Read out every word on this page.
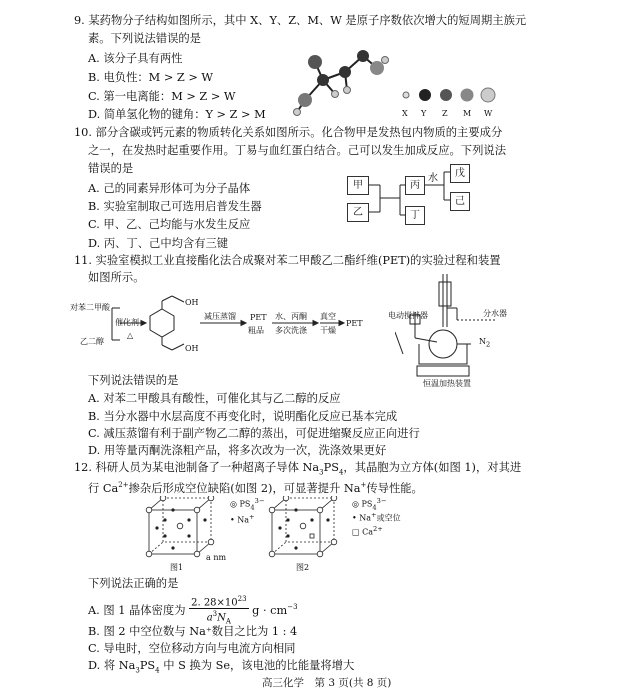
9. 某药物分子结构如图所示，其中 X、Y、Z、M、W 是原子序数依次增大的短周期主族元
素。下列说法错误的是
A. 该分子具有两性
B. 电负性：M > Z > W
C. 第一电离能：M > Z > W
D. 简单氢化物的键角：Y > Z > M	X Y Z M W
10. 部分含碳或钙元素的物质转化关系如图所示。化合物甲是发热包内物质的主要成分
之一，在发热时起重要作用。丁易与血红蛋白结合。己可以发生加成反应。下列说法
错误的是
A. 己的同素异形体可为分子晶体
B. 实验室制取己可选用启普发生器
C. 甲、乙、己均能与水发生反应
D. 丙、丁、己中均含有三键
甲
乙
丙
丁
戊
己
水
11. 实验室模拟工业直接酯化法合成聚对苯二甲酸乙二酯纤维(PET)的实验过程和装置
如图所示。
对苯二甲酸
乙二醇
催化剂
△
OH
OH
减压蒸馏 PET
粗品
水、丙酮
多次洗涤
真空
干燥
PET
电动搅拌器	分水器
$N_2$
恒温加热装置
下列说法错误的是
A. 对苯二甲酸具有酸性，可催化其与乙二醇的反应
B. 当分水器中水层高度不再变化时，说明酯化反应已基本完成
C. 减压蒸馏有利于副产物乙二醇的蒸出，可促进缩聚反应正向进行
D. 用等量丙酮洗涤粗产品，将多次改为一次，洗涤效果更好
12. 科研人员为某电池制备了一种超离子导体 $Na_3PS_4$，其晶胞为立方体(如图 1)，对其进
行 $Ca^{2+}$掺杂后形成空位缺陷(如图 2)，可显著提升 Na+传导性能。
◎ $PS_4^{3-}$
• Na+
a nm
图1
◎ $PS_4^{3-}$
• Na+或空位
□ $Ca^{2+}$
图2
下列说法正确的是
A. 图 1 晶体密度为 $\frac{2. 28\times 10^{23}}{a^3N_A}$ $g \cdot cm^{-3}$
B. 图 2 中空位数与 Na⁺数目之比为 1 : 4
C. 导电时，空位移动方向与电流方向相同
D. 将 $Na_3PS_4$ 中 S 换为 Se，该电池的比能量将增大
高三化学　第 3 页(共 8 页)
